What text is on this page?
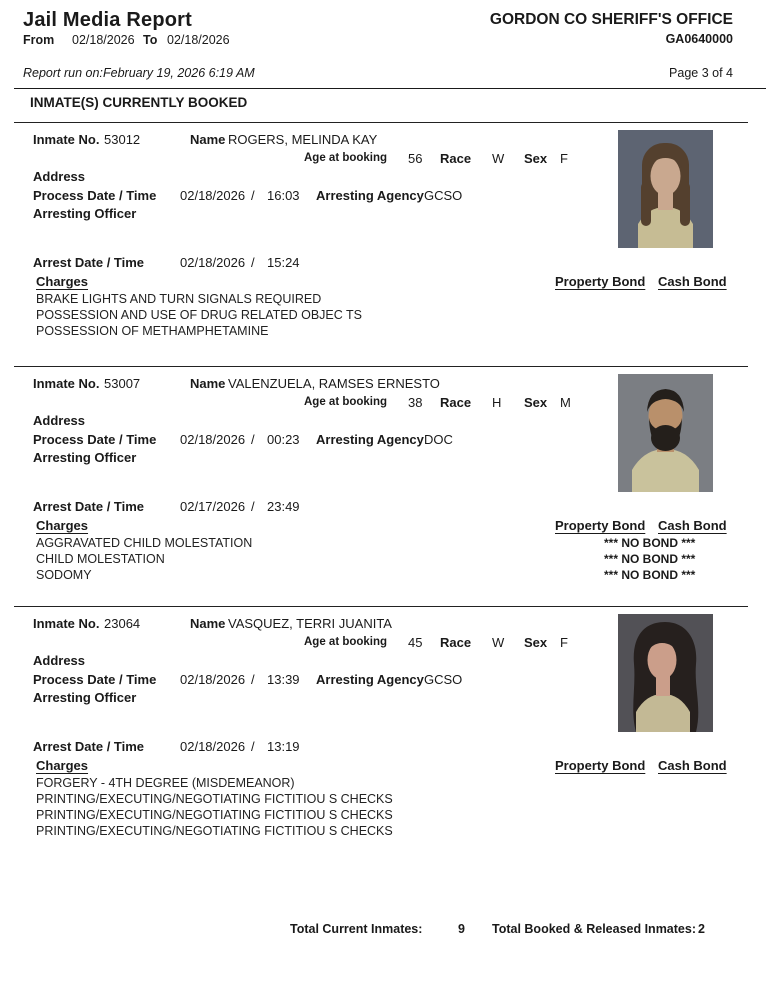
Jail Media Report
From 02/18/2026 To 02/18/2026
GORDON CO SHERIFF'S OFFICE
GA0640000
Report run on: February 19, 2026 6:19 AM	Page 3 of 4
INMATE(S) CURRENTLY BOOKED
Inmate No. 53012	Name ROGERS, MELINDA KAY
Age at booking 56 Race W Sex F
Address
Process Date / Time 02/18/2026 / 16:03 Arresting Agency GCSO
Arresting Officer
Arrest Date / Time	02/18/2026 / 15:24
Charges	Property Bond Cash Bond
BRAKE LIGHTS AND TURN SIGNALS REQUIRED
POSSESSION AND USE OF DRUG RELATED OBJEC TS
POSSESSION OF METHAMPHETAMINE
Inmate No. 53007	Name VALENZUELA, RAMSES ERNESTO
Age at booking 38 Race H Sex M
Address
Process Date / Time 02/18/2026 / 00:23 Arresting Agency DOC
Arresting Officer
Arrest Date / Time	02/17/2026 / 23:49
Charges	Property Bond Cash Bond
AGGRAVATED CHILD MOLESTATION	*** NO BOND ***
CHILD MOLESTATION	*** NO BOND ***
SODOMY	*** NO BOND ***
Inmate No. 23064	Name VASQUEZ, TERRI JUANITA
Age at booking 45 Race W Sex F
Address
Process Date / Time 02/18/2026 / 13:39 Arresting Agency GCSO
Arresting Officer
Arrest Date / Time	02/18/2026 / 13:19
Charges	Property Bond Cash Bond
FORGERY - 4TH DEGREE (MISDEMEANOR)
PRINTING/EXECUTING/NEGOTIATING FICTITIOU S CHECKS
PRINTING/EXECUTING/NEGOTIATING FICTITIOU S CHECKS
PRINTING/EXECUTING/NEGOTIATING FICTITIOU S CHECKS
Total Current Inmates:	9 Total Booked & Released Inmates: 2
